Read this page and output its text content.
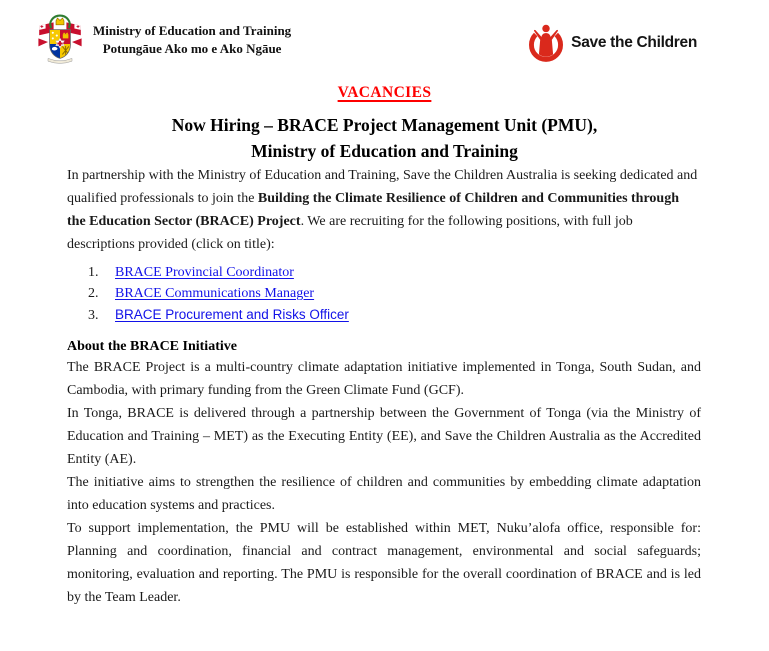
Ministry of Education and Training
Potungāue Ako mo e Ako Ngāue	Save the Children
VACANCIES
Now Hiring – BRACE Project Management Unit (PMU),
Ministry of Education and Training

In partnership with the Ministry of Education and Training, Save the Children Australia is seeking dedicated and qualified professionals to join the Building the Climate Resilience of Children and Communities through the Education Sector (BRACE) Project. We are recruiting for the following positions, with full job descriptions provided (click on title):

1.	BRACE Provincial Coordinator
2.	BRACE Communications Manager
3.	BRACE Procurement and Risks Officer
About the BRACE Initiative

The BRACE Project is a multi-country climate adaptation initiative implemented in Tonga, South Sudan, and Cambodia, with primary funding from the Green Climate Fund (GCF).

In Tonga, BRACE is delivered through a partnership between the Government of Tonga (via the Ministry of Education and Training – MET) as the Executing Entity (EE), and Save the Children Australia as the Accredited Entity (AE).

The initiative aims to strengthen the resilience of children and communities by embedding climate adaptation into education systems and practices.

To support implementation, the PMU will be established within MET, Nuku’alofa office, responsible for: Planning and coordination, financial and contract management, environmental and social safeguards; monitoring, evaluation and reporting. The PMU is responsible for the overall coordination of BRACE and is led by the Team Leader.
